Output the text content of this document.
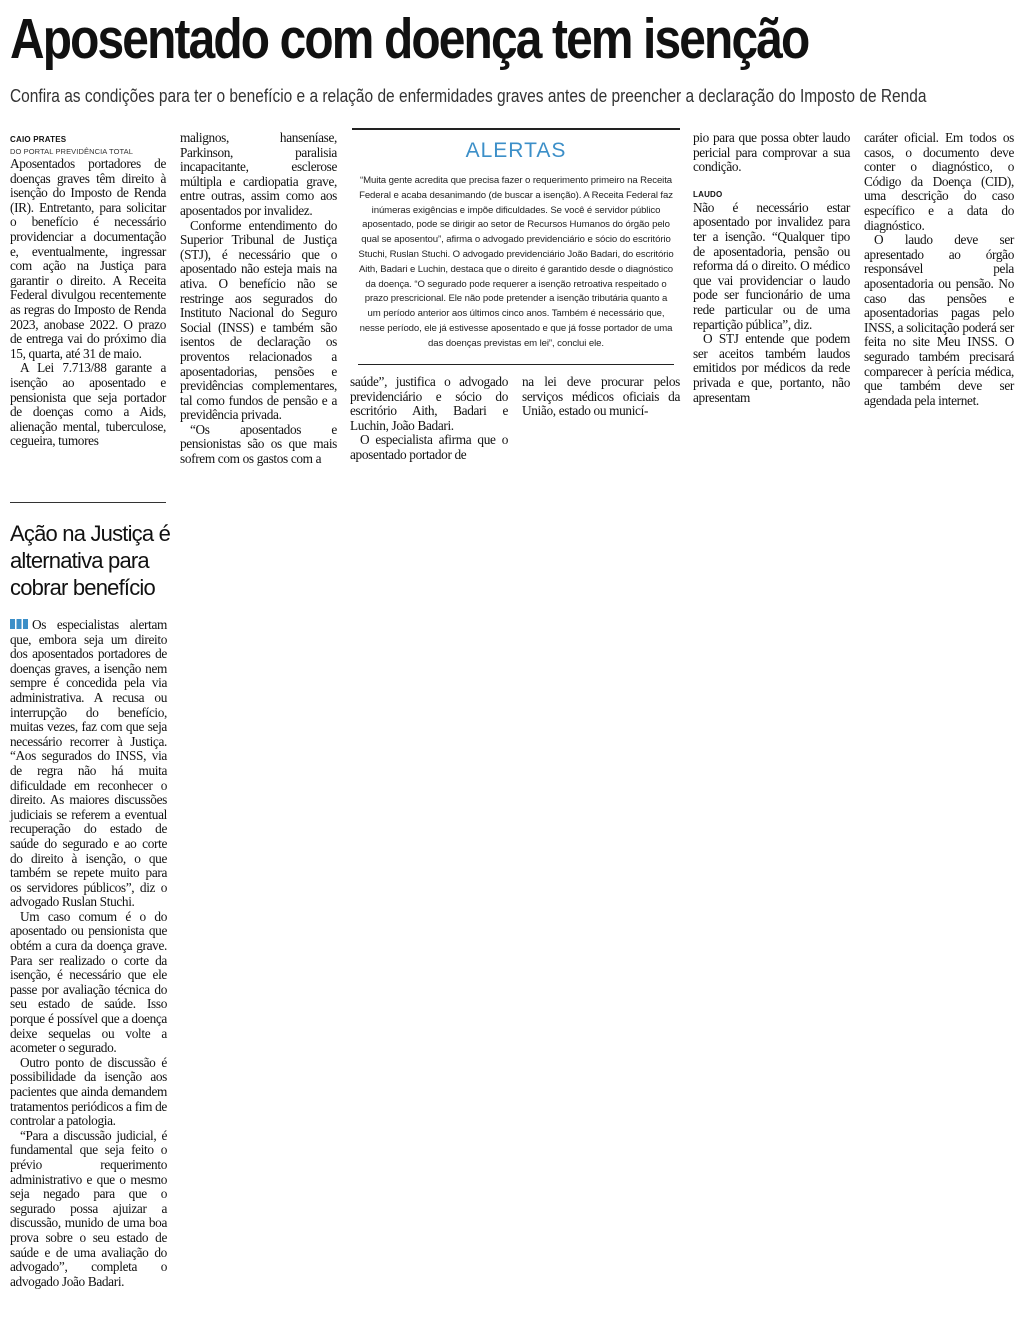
Aposentado com doença tem isenção

Confira as condições para ter o benefício e a relação de enfermidades graves antes de preencher a declaração do Imposto de Renda

CAIO PRATES
DO PORTAL PREVIDÊNCIA TOTAL

Aposentados portadores de doenças graves têm direito à isenção do Imposto de Renda (IR). Entretanto, para solicitar o benefício é necessário providenciar a documentação e, eventualmente, ingressar com ação na Justiça para garantir o direito. A Receita Federal divulgou recentemente as regras do Imposto de Renda 2023, anobase 2022. O prazo de entrega vai do próximo dia 15, quarta, até 31 de maio.

A Lei 7.713/88 garante a isenção ao aposentado e pensionista que seja portador de doenças como a Aids, alienação mental, tuberculose, cegueira, tumores

malignos, hanseníase, Parkinson, paralisia incapacitante, esclerose múltipla e cardiopatia grave, entre outras, assim como aos aposentados por invalidez.

Conforme entendimento do Superior Tribunal de Justiça (STJ), é necessário que o aposentado não esteja mais na ativa. O benefício não se restringe aos segurados do Instituto Nacional do Seguro Social (INSS) e também são isentos de declaração os proventos relacionados a aposentadorias, pensões e previdências complementares, tal como fundos de pensão e a previdência privada.

“Os aposentados e pensionistas são os que mais sofrem com os gastos com a

ALERTAS
“Muita gente acredita que precisa fazer o requerimento primeiro na Receita Federal e acaba desanimando (de buscar a isenção). A Receita Federal faz inúmeras exigências e impõe dificuldades. Se você é servidor público aposentado, pode se dirigir ao setor de Recursos Humanos do órgão pelo qual se aposentou”, afirma o advogado previdenciário e sócio do escritório Stuchi, Ruslan Stuchi. O advogado previdenciário João Badari, do escritório Aith, Badari e Luchin, destaca que o direito é garantido desde o diagnóstico da doença. “O segurado pode requerer a isenção retroativa respeitado o prazo prescricional. Ele não pode pretender a isenção tributária quanto a um período anterior aos últimos cinco anos. Também é necessário que, nesse período, ele já estivesse aposentado e que já fosse portador de uma das doenças previstas em lei”, conclui ele.

saúde”, justifica o advogado previdenciário e sócio do escritório Aith, Badari e Luchin, João Badari.

O especialista afirma que o aposentado portador de

na lei deve procurar pelos serviços médicos oficiais da União, estado ou municí-

pio para que possa obter laudo pericial para comprovar a sua condição.

LAUDO

Não é necessário estar aposentado por invalidez para ter a isenção. “Qualquer tipo de aposentadoria, pensão ou reforma dá o direito. O médico que vai providenciar o laudo pode ser funcionário de uma rede particular ou de uma repartição pública”, diz.

O STJ entende que podem ser aceitos também laudos emitidos por médicos da rede privada e que, portanto, não apresentam

caráter oficial. Em todos os casos, o documento deve conter o diagnóstico, o Código da Doença (CID), uma descrição do caso específico e a data do diagnóstico.

O laudo deve ser apresentado ao órgão responsável pela aposentadoria ou pensão. No caso das pensões e aposentadorias pagas pelo INSS, a solicitação poderá ser feita no site Meu INSS. O segurado também precisará comparecer à perícia médica, que também deve ser agendada pela internet.

Ação na Justiça é alternativa para cobrar benefício

Os especialistas alertam que, embora seja um direito dos aposentados portadores de doenças graves, a isenção nem sempre é concedida pela via administrativa. A recusa ou interrupção do benefício, muitas vezes, faz com que seja necessário recorrer à Justiça. “Aos segurados do INSS, via de regra não há muita dificuldade em reconhecer o direito. As maiores discussões judiciais se referem a eventual recuperação do estado de saúde do segurado e ao corte do direito à isenção, o que também se repete muito para os servidores públicos”, diz o advogado Ruslan Stuchi.

Um caso comum é o do aposentado ou pensionista que obtém a cura da doença grave. Para ser realizado o corte da isenção, é necessário que ele passe por avaliação técnica do seu estado de saúde. Isso porque é possível que a doença deixe sequelas ou volte a acometer o segurado.

Outro ponto de discussão é possibilidade da isenção aos pacientes que ainda demandem tratamentos periódicos a fim de controlar a patologia.

“Para a discussão judicial, é fundamental que seja feito o prévio requerimento administrativo e que o mesmo seja negado para que o segurado possa ajuizar a discussão, munido de uma boa prova sobre o seu estado de saúde e de uma avaliação do advogado”, completa o advogado João Badari.
